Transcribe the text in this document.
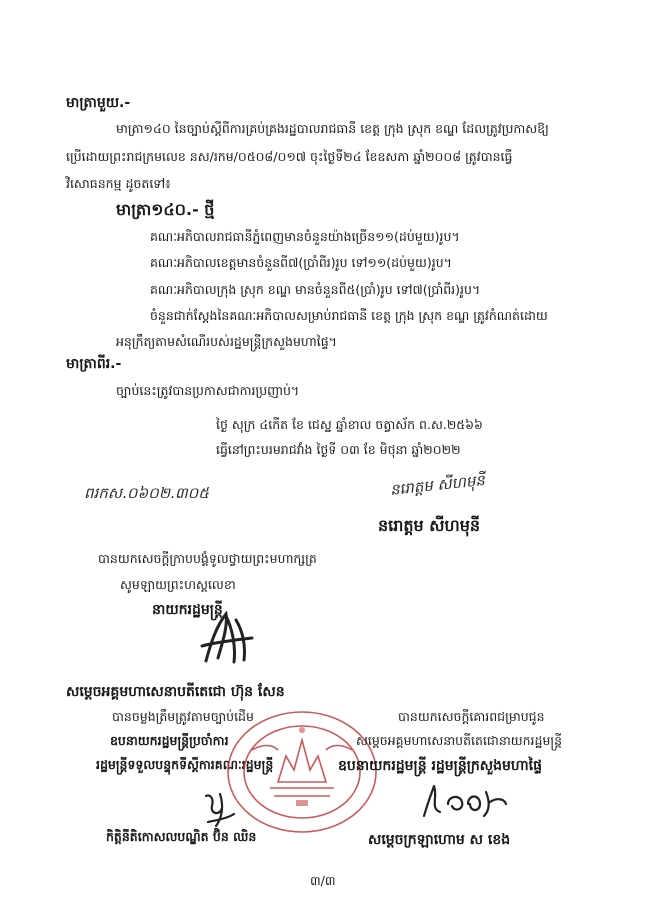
មាត្រាមួយ.-
មាត្រា១៤០ នៃច្បាប់ស្តីពីការគ្រប់គ្រងរដ្ឋបាលរាជធានី ខេត្ត ក្រុង ស្រុក ខណ្ឌ ដែលត្រូវប្រកាសឱ្យ
ប្រើដោយព្រះរាជក្រមលេខ នស/រកម/០៥០៨/០១៧ ចុះថ្ងៃទី២៤ ខែឧសភា ឆ្នាំ២០០៨ ត្រូវបានធ្វើ
វិសោធនកម្ម ដូចតទៅ៖
មាត្រា១៤០.- ថ្មី
គណៈអភិបាលរាជធានីភ្នំពេញមានចំនួនយ៉ាងច្រើន១១(ដប់មួយ)រូប។
គណៈអភិបាលខេត្តមានចំនួនពី៧(ប្រាំពីរ)រូប ទៅ១១(ដប់មួយ)រូប។
គណៈអភិបាលក្រុង ស្រុក ខណ្ឌ មានចំនួនពី៥(ប្រាំ)រូប ទៅ៧(ប្រាំពីរ)រូប។
ចំនួនជាក់ស្តែងនៃគណៈអភិបាលសម្រាប់រាជធានី ខេត្ត ក្រុង ស្រុក ខណ្ឌ ត្រូវកំណត់ដោយ
អនុក្រឹត្យតាមសំណើរបស់រដ្ឋមន្ត្រីក្រសួងមហាផ្ទៃ។
មាត្រាពីរ.-
ច្បាប់នេះត្រូវបានប្រកាសជាការប្រញាប់។
ថ្ងៃ សុក្រ ៤កើត ខែ ជេស្ឋ ឆ្នាំខាល ចត្វាស័ក ព.ស.២៥៦៦
ធ្វើនៅព្រះបរមរាជវាំង ថ្ងៃទី ០៣ ខែ មិថុនា ឆ្នាំ២០២២
ពរកស.០៦០២.៣០៥	នរោត្តម សីហមុនី
នរោត្តម សីហមុនី
បានយកសេចក្តីក្រាបបង្គំទូលថ្វាយព្រះមហាក្សត្រ
សូមឡាយព្រះហស្តលេខា
នាយករដ្ឋមន្ត្រី
សម្តេចអគ្គមហាសេនាបតីតេជោ ហ៊ុន សែន
បានចម្លងត្រឹមត្រូវតាមច្បាប់ដើម
ឧបនាយករដ្ឋមន្ត្រីប្រចាំការ
រដ្ឋមន្ត្រីទទួលបន្ទុកទីស្តីការគណៈរដ្ឋមន្ត្រី
កិត្តិនីតិកោសលបណ្ឌិត ប៊ិន ឈិន
បានយកសេចក្តីគោរពជម្រាបជូន
សម្តេចអគ្គមហាសេនាបតីតេជោនាយករដ្ឋមន្ត្រី
ឧបនាយករដ្ឋមន្ត្រី រដ្ឋមន្ត្រីក្រសួងមហាផ្ទៃ
សម្តេចក្រឡាហោម ស ខេង
៣/៣
